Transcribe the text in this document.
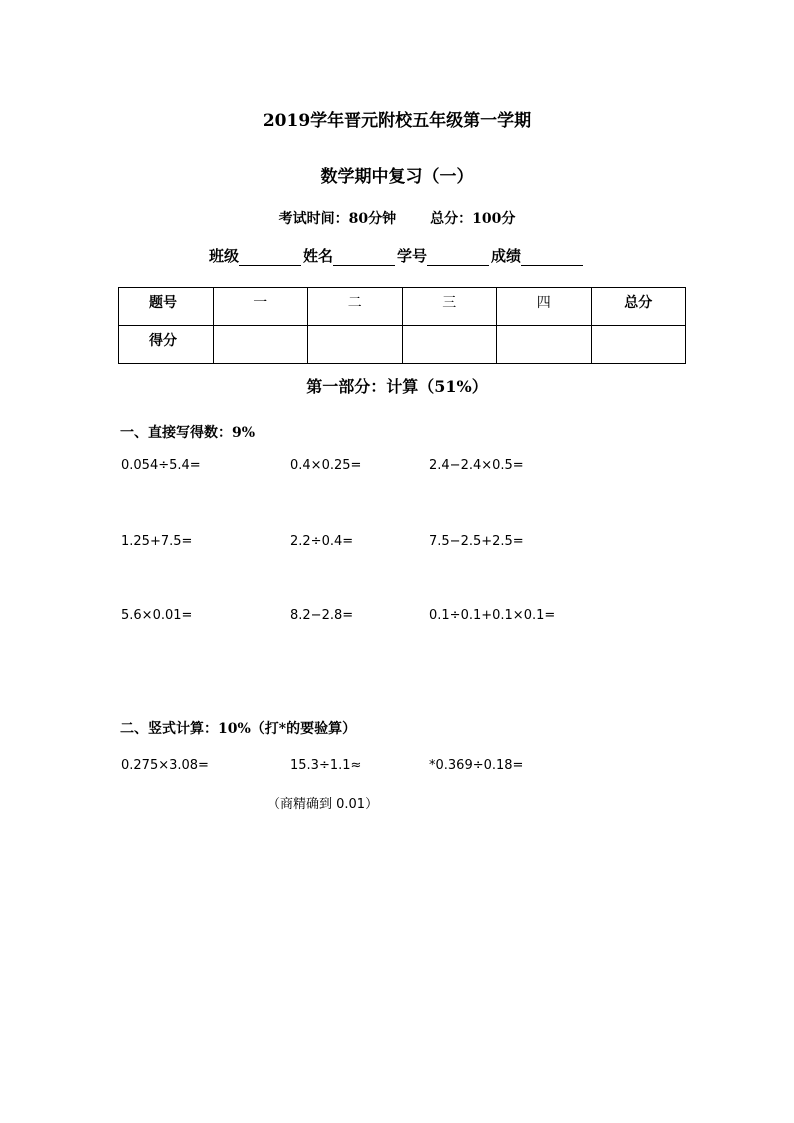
2019学年晋元附校五年级第一学期
数学期中复习（一）
考试时间：80分钟 总分：100分
班级	姓名	学号	成绩
题号	一	二	三	四	总分

得分					

第一部分：计算（51%）
一、直接写得数：9%
0.054÷5.4=	0.4×0.25=	2.4−2.4×0.5=
1.25+7.5=	2.2÷0.4=	7.5−2.5+2.5=
5.6×0.01=	8.2−2.8=	0.1÷0.1+0.1×0.1=
二、竖式计算：10%（打*的要验算）
0.275×3.08=	15.3÷1.1≈	*0.369÷0.18=
（商精确到 0.01）
